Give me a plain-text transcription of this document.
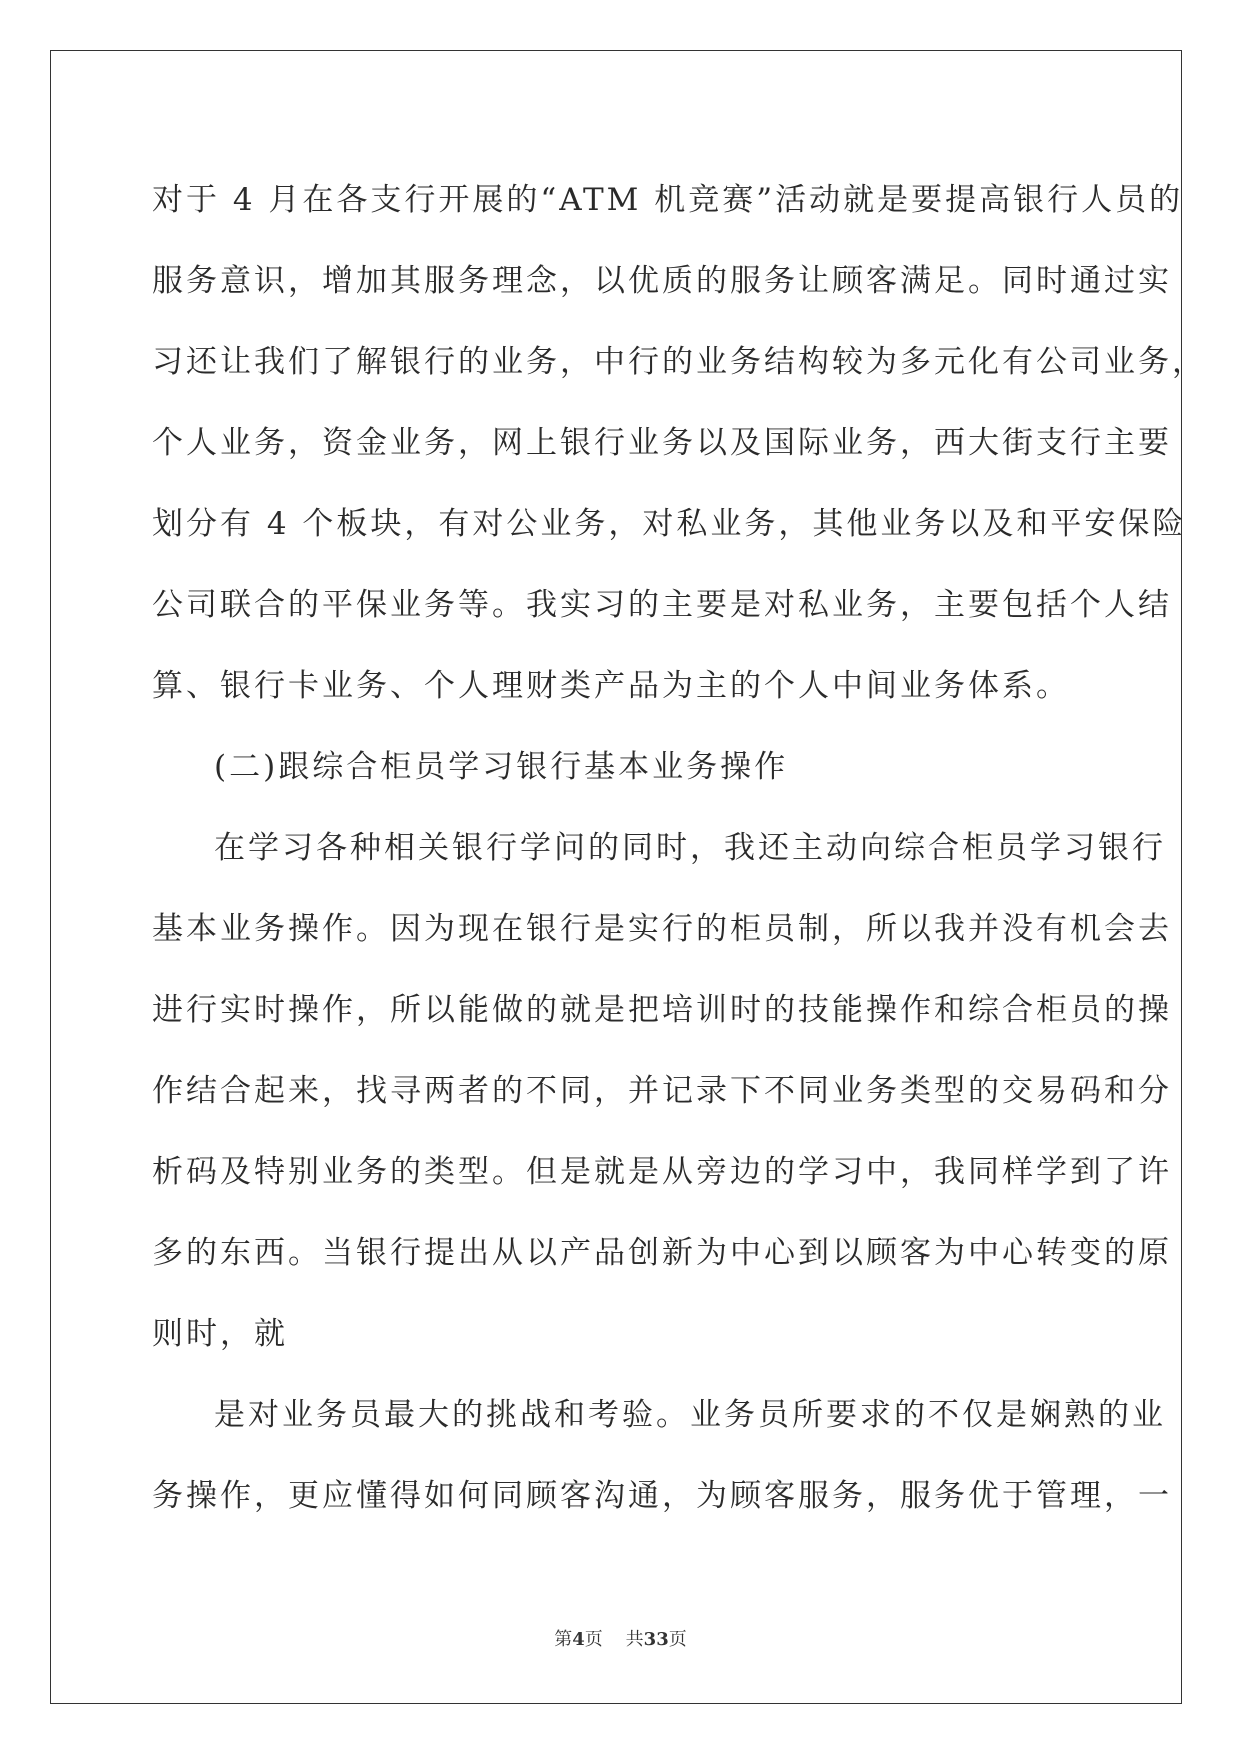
对于 4 月在各支行开展的“ATM 机竞赛”活动就是要提高银行人员的
服务意识，增加其服务理念，以优质的服务让顾客满足。同时通过实
习还让我们了解银行的业务，中行的业务结构较为多元化有公司业务，
个人业务，资金业务，网上银行业务以及国际业务，西大街支行主要
划分有 4 个板块，有对公业务，对私业务，其他业务以及和平安保险
公司联合的平保业务等。我实习的主要是对私业务，主要包括个人结
算、银行卡业务、个人理财类产品为主的个人中间业务体系。
(二)跟综合柜员学习银行基本业务操作
在学习各种相关银行学问的同时，我还主动向综合柜员学习银行
基本业务操作。因为现在银行是实行的柜员制，所以我并没有机会去
进行实时操作，所以能做的就是把培训时的技能操作和综合柜员的操
作结合起来，找寻两者的不同，并记录下不同业务类型的交易码和分
析码及特别业务的类型。但是就是从旁边的学习中，我同样学到了许
多的东西。当银行提出从以产品创新为中心到以顾客为中心转变的原
则时，就
是对业务员最大的挑战和考验。业务员所要求的不仅是娴熟的业
务操作，更应懂得如何同顾客沟通，为顾客服务，服务优于管理，一
第4页 共33页
